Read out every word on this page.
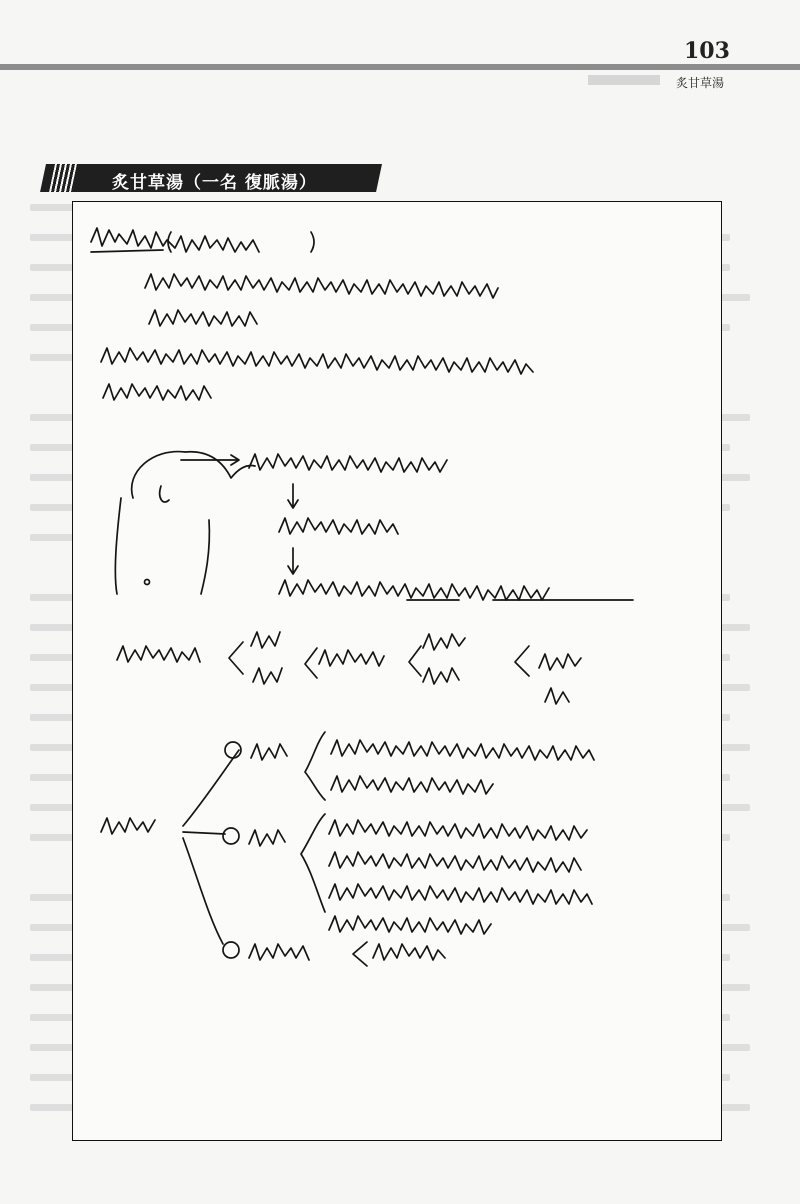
103
炙甘草湯
炙甘草湯（一名 復脈湯）
